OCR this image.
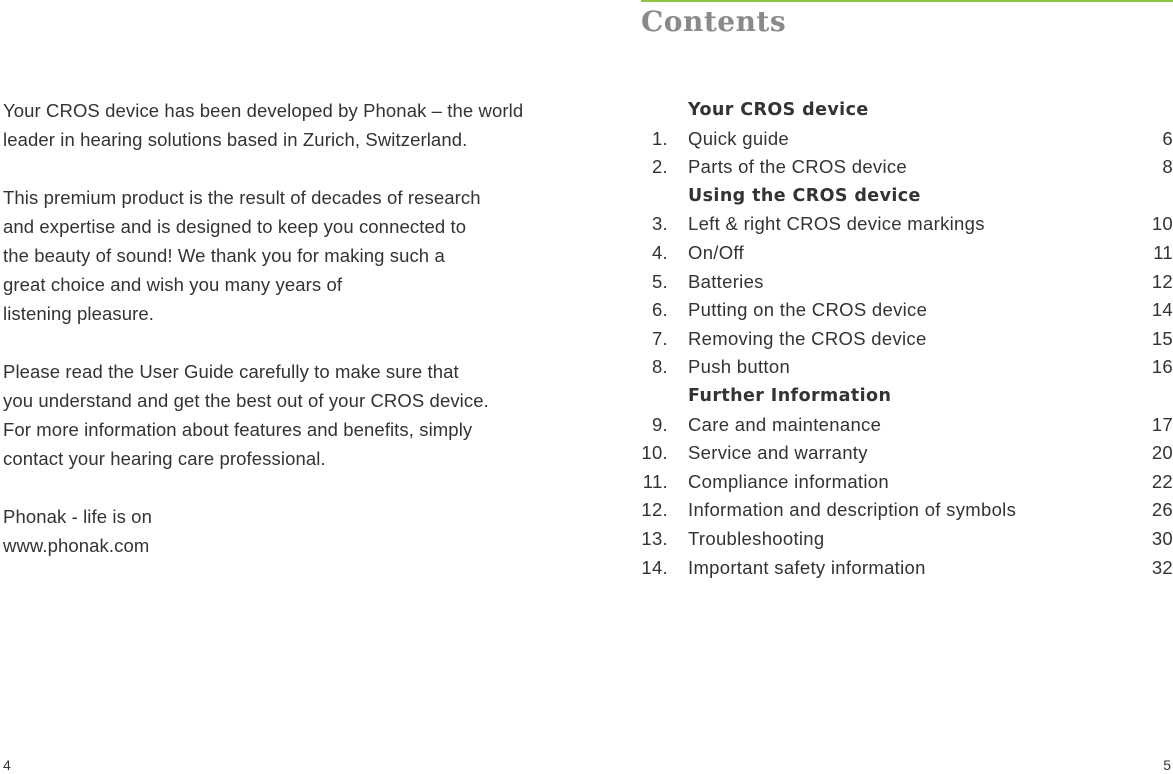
Your CROS device has been developed by Phonak – the world
leader in hearing solutions based in Zurich, Switzerland.

This premium product is the result of decades of research
and expertise and is designed to keep you connected to
the beauty of sound! We thank you for making such a
great choice and wish you many years of
listening pleasure.

Please read the User Guide carefully to make sure that
you understand and get the best out of your CROS device.
For more information about features and beneﬁts, simply
contact your hearing care professional.

Phonak - life is on
www.phonak.com

4
Contents
Your CROS device
1. Quick guide	6
2. Parts of the CROS device	8
Using the CROS device
3. Left & right CROS device markings	10
4. On/Off	11
5. Batteries	12
6. Putting on the CROS device	14
7. Removing the CROS device	15
8. Push button	16
Further Information
9. Care and maintenance	17
10. Service and warranty	20
11. Compliance information	22
12. Information and description of symbols	26
13. Troubleshooting	30
14. Important safety information	32
5
